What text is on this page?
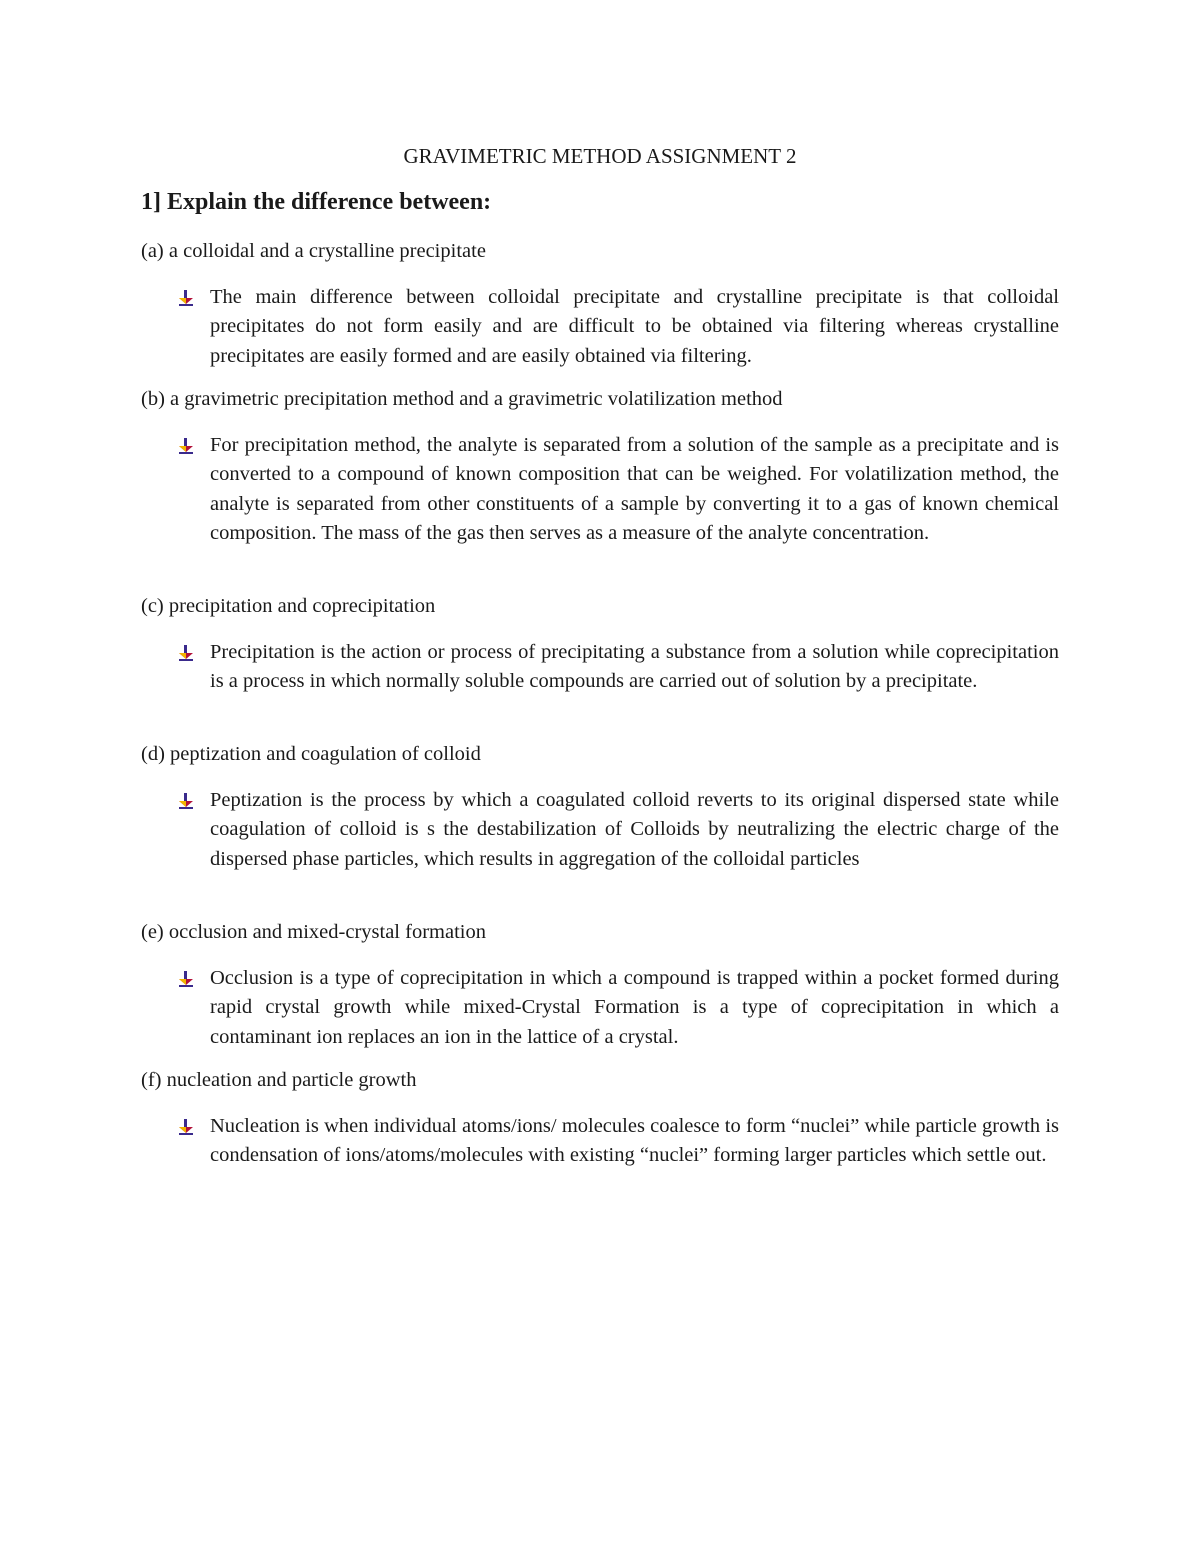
GRAVIMETRIC METHOD ASSIGNMENT 2
1] Explain the difference between:

(a) a colloidal and a crystalline precipitate

The main difference between colloidal precipitate and crystalline precipitate is that colloidal precipitates do not form easily and are difficult to be obtained via filtering whereas crystalline precipitates are easily formed and are easily obtained via filtering.

(b) a gravimetric precipitation method and a gravimetric volatilization method

For precipitation method, the analyte is separated from a solution of the sample as a precipitate and is converted to a compound of known composition that can be weighed. For volatilization method, the analyte is separated from other constituents of a sample by converting it to a gas of known chemical composition. The mass of the gas then serves as a measure of the analyte concentration.

(c) precipitation and coprecipitation

Precipitation is the action or process of precipitating a substance from a solution while coprecipitation is a process in which normally soluble compounds are carried out of solution by a precipitate.

(d) peptization and coagulation of colloid

Peptization is the process by which a coagulated colloid reverts to its original dispersed state while coagulation of colloid is s the destabilization of Colloids by neutralizing the electric charge of the dispersed phase particles, which results in aggregation of the colloidal particles

(e) occlusion and mixed-crystal formation

Occlusion is a type of coprecipitation in which a compound is trapped within a pocket formed during rapid crystal growth while mixed-Crystal Formation is a type of coprecipitation in which a contaminant ion replaces an ion in the lattice of a crystal.

(f) nucleation and particle growth

Nucleation is when individual atoms/ions/ molecules coalesce to form “nuclei” while particle growth is condensation of ions/atoms/molecules with existing “nuclei” forming larger particles which settle out.
